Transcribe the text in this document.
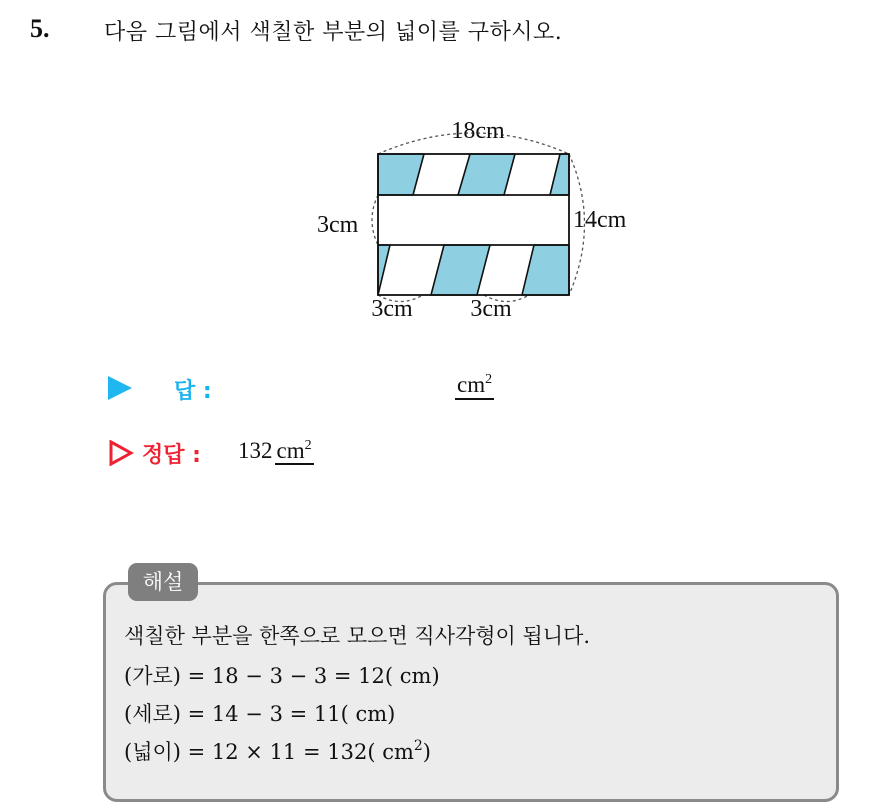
5. 다음 그림에서 색칠한 부분의 넓이를 구하시오.
18cm
14cm
3cm
3cm 3cm
답 :	$cm^2$
정답 : 132 $cm^2$
해설
색칠한 부분을 한쪽으로 모으면 직사각형이 됩니다.
(가로) = 18 − 3 − 3 = 12( cm)
(세로) = 14 − 3 = 11( cm)
(넓이) = 12 × 11 = 132( $cm^2$)
